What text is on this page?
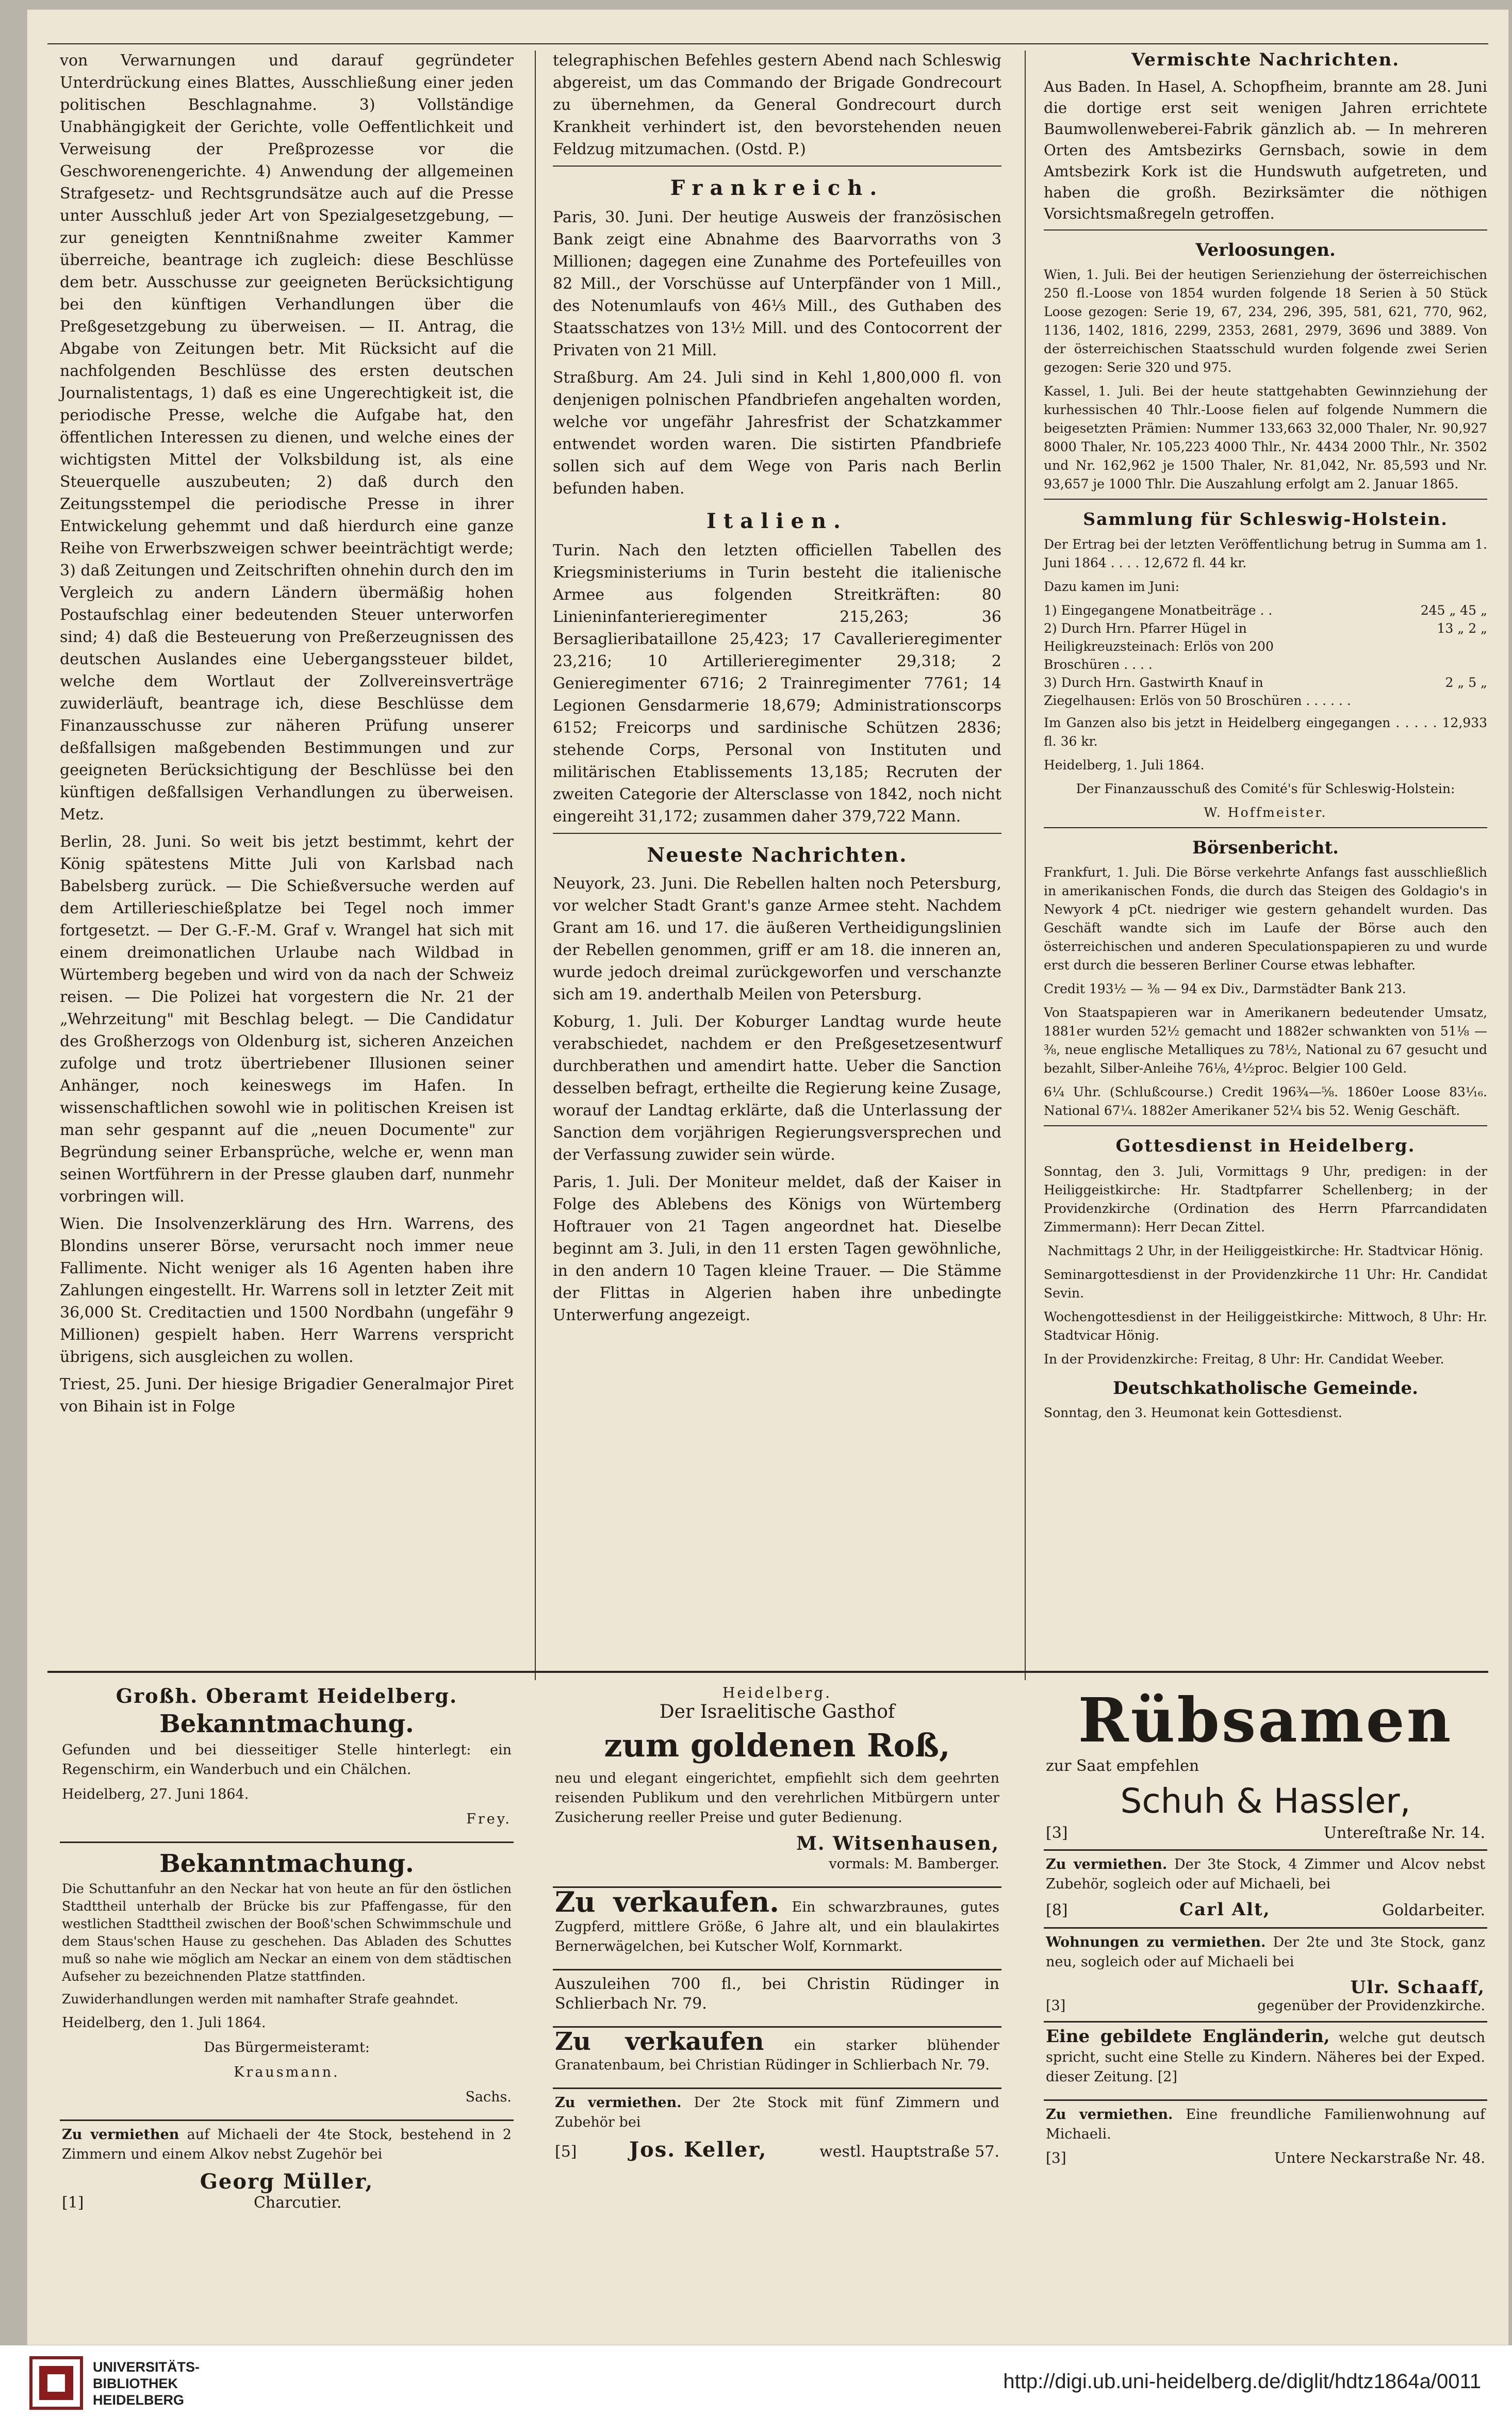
von Verwarnungen und darauf gegründeter Unterdrückung eines Blattes, Ausschließung einer jeden politischen Beschlagnahme. 3) Vollständige Unabhängigkeit der Gerichte, volle Oeffentlichkeit und Verweisung der Preßprozesse vor die Geschworenengerichte. 4) Anwendung der allgemeinen Strafgesetz- und Rechtsgrundsätze auch auf die Presse unter Ausschluß jeder Art von Spezialgesetzgebung, — zur geneigten Kenntnißnahme zweiter Kammer überreiche, beantrage ich zugleich: diese Beschlüsse dem betr. Ausschusse zur geeigneten Berücksichtigung bei den künftigen Verhandlungen über die Preßgesetzgebung zu überweisen. — II. Antrag, die Abgabe von Zeitungen betr. Mit Rücksicht auf die nachfolgenden Beschlüsse des ersten deutschen Journalistentags, 1) daß es eine Ungerechtigkeit ist, die periodische Presse, welche die Aufgabe hat, den öffentlichen Interessen zu dienen, und welche eines der wichtigsten Mittel der Volksbildung ist, als eine Steuerquelle auszubeuten; 2) daß durch den Zeitungsstempel die periodische Presse in ihrer Entwickelung gehemmt und daß hierdurch eine ganze Reihe von Erwerbszweigen schwer beeinträchtigt werde; 3) daß Zeitungen und Zeitschriften ohnehin durch den im Vergleich zu andern Ländern übermäßig hohen Postaufschlag einer bedeutenden Steuer unterworfen sind; 4) daß die Besteuerung von Preßerzeugnissen des deutschen Auslandes eine Uebergangssteuer bildet, welche dem Wortlaut der Zollvereinsverträge zuwiderläuft, beantrage ich, diese Beschlüsse dem Finanzausschusse zur näheren Prüfung unserer deßfallsigen maßgebenden Bestimmungen und zur geeigneten Berücksichtigung der Beschlüsse bei den künftigen deßfallsigen Verhandlungen zu überweisen. Metz.

Berlin, 28. Juni. So weit bis jetzt bestimmt, kehrt der König spätestens Mitte Juli von Karlsbad nach Babelsberg zurück. — Die Schießversuche werden auf dem Artillerieschießplatze bei Tegel noch immer fortgesetzt. — Der G.-F.-M. Graf v. Wrangel hat sich mit einem dreimonatlichen Urlaube nach Wildbad in Würtemberg begeben und wird von da nach der Schweiz reisen. — Die Polizei hat vorgestern die Nr. 21 der „Wehrzeitung" mit Beschlag belegt. — Die Candidatur des Großherzogs von Oldenburg ist, sicheren Anzeichen zufolge und trotz übertriebener Illusionen seiner Anhänger, noch keineswegs im Hafen. In wissenschaftlichen sowohl wie in politischen Kreisen ist man sehr gespannt auf die „neuen Documente" zur Begründung seiner Erbansprüche, welche er, wenn man seinen Wortführern in der Presse glauben darf, nunmehr vorbringen will.

Wien. Die Insolvenzerklärung des Hrn. Warrens, des Blondins unserer Börse, verursacht noch immer neue Fallimente. Nicht weniger als 16 Agenten haben ihre Zahlungen eingestellt. Hr. Warrens soll in letzter Zeit mit 36,000 St. Creditactien und 1500 Nordbahn (ungefähr 9 Millionen) gespielt haben. Herr Warrens verspricht übrigens, sich ausgleichen zu wollen.

Triest, 25. Juni. Der hiesige Brigadier Generalmajor Piret von Bihain ist in Folge

telegraphischen Befehles gestern Abend nach Schleswig abgereist, um das Commando der Brigade Gondrecourt zu übernehmen, da General Gondrecourt durch Krankheit verhindert ist, den bevorstehenden neuen Feldzug mitzumachen. (Ostd. P.)

Frankreich.

Paris, 30. Juni. Der heutige Ausweis der französischen Bank zeigt eine Abnahme des Baarvorraths von 3 Millionen; dagegen eine Zunahme des Portefeuilles von 82 Mill., der Vorschüsse auf Unterpfänder von 1 Mill., des Notenumlaufs von 46⅓ Mill., des Guthaben des Staatsschatzes von 13½ Mill. und des Contocorrent der Privaten von 21 Mill.

Straßburg. Am 24. Juli sind in Kehl 1,800,000 fl. von denjenigen polnischen Pfandbriefen angehalten worden, welche vor ungefähr Jahresfrist der Schatzkammer entwendet worden waren. Die sistirten Pfandbriefe sollen sich auf dem Wege von Paris nach Berlin befunden haben.

Italien.

Turin. Nach den letzten officiellen Tabellen des Kriegsministeriums in Turin besteht die italienische Armee aus folgenden Streitkräften: 80 Linieninfanterieregimenter 215,263; 36 Bersaglieribataillone 25,423; 17 Cavallerieregimenter 23,216; 10 Artillerieregimenter 29,318; 2 Genieregimenter 6716; 2 Trainregimenter 7761; 14 Legionen Gensdarmerie 18,679; Administrationscorps 6152; Freicorps und sardinische Schützen 2836; stehende Corps, Personal von Instituten und militärischen Etablissements 13,185; Recruten der zweiten Categorie der Altersclasse von 1842, noch nicht eingereiht 31,172; zusammen daher 379,722 Mann.

Neueste Nachrichten.

Neuyork, 23. Juni. Die Rebellen halten noch Petersburg, vor welcher Stadt Grant's ganze Armee steht. Nachdem Grant am 16. und 17. die äußeren Vertheidigungslinien der Rebellen genommen, griff er am 18. die inneren an, wurde jedoch dreimal zurückgeworfen und verschanzte sich am 19. anderthalb Meilen von Petersburg.

Koburg, 1. Juli. Der Koburger Landtag wurde heute verabschiedet, nachdem er den Preßgesetzesentwurf durchberathen und amendirt hatte. Ueber die Sanction desselben befragt, ertheilte die Regierung keine Zusage, worauf der Landtag erklärte, daß die Unterlassung der Sanction dem vorjährigen Regierungsversprechen und der Verfassung zuwider sein würde.

Paris, 1. Juli. Der Moniteur meldet, daß der Kaiser in Folge des Ablebens des Königs von Würtemberg Hoftrauer von 21 Tagen angeordnet hat. Dieselbe beginnt am 3. Juli, in den 11 ersten Tagen gewöhnliche, in den andern 10 Tagen kleine Trauer. — Die Stämme der Flittas in Algerien haben ihre unbedingte Unterwerfung angezeigt.

Vermischte Nachrichten.

Aus Baden. In Hasel, A. Schopfheim, brannte am 28. Juni die dortige erst seit wenigen Jahren errichtete Baumwollenweberei-Fabrik gänzlich ab. — In mehreren Orten des Amtsbezirks Gernsbach, sowie in dem Amtsbezirk Kork ist die Hundswuth aufgetreten, und haben die großh. Bezirksämter die nöthigen Vorsichtsmaßregeln getroffen.

Verloosungen.

Wien, 1. Juli. Bei der heutigen Serienziehung der österreichischen 250 fl.-Loose von 1854 wurden folgende 18 Serien à 50 Stück Loose gezogen: Serie 19, 67, 234, 296, 395, 581, 621, 770, 962, 1136, 1402, 1816, 2299, 2353, 2681, 2979, 3696 und 3889. Von der österreichischen Staatsschuld wurden folgende zwei Serien gezogen: Serie 320 und 975.

Kassel, 1. Juli. Bei der heute stattgehabten Gewinnziehung der kurhessischen 40 Thlr.-Loose fielen auf folgende Nummern die beigesetzten Prämien: Nummer 133,663 32,000 Thaler, Nr. 90,927 8000 Thaler, Nr. 105,223 4000 Thlr., Nr. 4434 2000 Thlr., Nr. 3502 und Nr. 162,962 je 1500 Thaler, Nr. 81,042, Nr. 85,593 und Nr. 93,657 je 1000 Thlr. Die Auszahlung erfolgt am 2. Januar 1865.

Sammlung für Schleswig-Holstein.

Der Ertrag bei der letzten Veröffentlichung betrug in Summa am 1. Juni 1864 . . . . 12,672 fl. 44 kr.

Dazu kamen im Juni:

1) Eingegangene Monatbeiträge . .	245 „ 45 „
2) Durch Hrn. Pfarrer Hügel in Heiligkreuzsteinach: Erlös von 200 Broschüren . . . .
13 „ 2 „
3) Durch Hrn. Gastwirth Knauf in Ziegelhausen: Erlös von 50 Broschüren . . . . . .
2 „ 5 „

Im Ganzen also bis jetzt in Heidelberg eingegangen . . . . . 12,933 fl. 36 kr.

Heidelberg, 1. Juli 1864.

Der Finanzausschuß des Comité's für Schleswig-Holstein:

W. Hoffmeister.

Börsenbericht.

Frankfurt, 1. Juli. Die Börse verkehrte Anfangs fast ausschließlich in amerikanischen Fonds, die durch das Steigen des Goldagio's in Newyork 4 pCt. niedriger wie gestern gehandelt wurden. Das Geschäft wandte sich im Laufe der Börse auch den österreichischen und anderen Speculationspapieren zu und wurde erst durch die besseren Berliner Course etwas lebhafter.

Credit 193½ — ⅜ — 94 ex Div., Darmstädter Bank 213.

Von Staatspapieren war in Amerikanern bedeutender Umsatz, 1881er wurden 52½ gemacht und 1882er schwankten von 51⅛ — ⅜, neue englische Metalliques zu 78½, National zu 67 gesucht und bezahlt, Silber-Anleihe 76⅛, 4½proc. Belgier 100 Geld.

6¼ Uhr. (Schlußcourse.) Credit 196¾—⅝. 1860er Loose 83¹⁄₁₆. National 67¼. 1882er Amerikaner 52¼ bis 52. Wenig Geschäft.

Gottesdienst in Heidelberg.

Sonntag, den 3. Juli, Vormittags 9 Uhr, predigen: in der Heiliggeistkirche: Hr. Stadtpfarrer Schellenberg; in der Providenzkirche (Ordination des Herrn Pfarrcandidaten Zimmermann): Herr Decan Zittel.

Nachmittags 2 Uhr, in der Heiliggeistkirche: Hr. Stadtvicar Hönig.

Seminargottesdienst in der Providenzkirche 11 Uhr: Hr. Candidat Sevin.

Wochengottesdienst in der Heiliggeistkirche: Mittwoch, 8 Uhr: Hr. Stadtvicar Hönig.

In der Providenzkirche: Freitag, 8 Uhr: Hr. Candidat Weeber.

Deutschkatholische Gemeinde.

Sonntag, den 3. Heumonat kein Gottesdienst.

Großh. Oberamt Heidelberg.
Bekanntmachung.

Gefunden und bei diesseitiger Stelle hinterlegt: ein Regenschirm, ein Wanderbuch und ein Chälchen.

Heidelberg, 27. Juni 1864.

Frey.

Bekanntmachung.

Die Schuttanfuhr an den Neckar hat von heute an für den östlichen Stadttheil unterhalb der Brücke bis zur Pfaffengasse, für den westlichen Stadttheil zwischen der Booß'schen Schwimmschule und dem Staus'schen Hause zu geschehen. Das Abladen des Schuttes muß so nahe wie möglich am Neckar an einem von dem städtischen Aufseher zu bezeichnenden Platze stattfinden.

Zuwiderhandlungen werden mit namhafter Strafe geahndet.

Heidelberg, den 1. Juli 1864.

Das Bürgermeisteramt:

Krausmann.

Sachs.

Zu vermiethen auf Michaeli der 4te Stock, bestehend in 2 Zimmern und einem Alkov nebst Zugehör bei

Georg Müller,
[1]	Charcutier.
Heidelberg.
Der Israelitische Gasthof
zum goldenen Roß,

neu und elegant eingerichtet, empfiehlt sich dem geehrten reisenden Publikum und den verehrlichen Mitbürgern unter Zusicherung reeller Preise und guter Bedienung.

M. Witsenhausen,

vormals: M. Bamberger.

Zu verkaufen. Ein schwarzbraunes, gutes Zugpferd, mittlere Größe, 6 Jahre alt, und ein blaulakirtes Bernerwägelchen, bei Kutscher Wolf, Kornmarkt.

Auszuleihen 700 fl., bei Christin Rüdinger in Schlierbach Nr. 79.

Zu verkaufen ein starker blühender Granatenbaum, bei Christian Rüdinger in Schlierbach Nr. 79.

Zu vermiethen. Der 2te Stock mit fünf Zimmern und Zubehör bei

[5]	Jos. Keller,	westl. Hauptstraße 57.
Rübsamen

zur Saat empfehlen

Schuh & Hassler,
[3]	Untereſtraße Nr. 14.

Zu vermiethen. Der 3te Stock, 4 Zimmer und Alcov nebst Zubehör, sogleich oder auf Michaeli, bei

[8]	Carl Alt,	Goldarbeiter.

Wohnungen zu vermiethen. Der 2te und 3te Stock, ganz neu, sogleich oder auf Michaeli bei

Ulr. Schaaff,
[3]	gegenüber der Providenzkirche.

Eine gebildete Engländerin, welche gut deutsch spricht, sucht eine Stelle zu Kindern. Näheres bei der Exped. dieser Zeitung. [2]

Zu vermiethen. Eine freundliche Familienwohnung auf Michaeli.

[3]	Untere Neckarstraße Nr. 48.
UNIVERSITÄTS-
BIBLIOTHEK
HEIDELBERG
http://digi.ub.uni-heidelberg.de/diglit/hdtz1864a/0011
